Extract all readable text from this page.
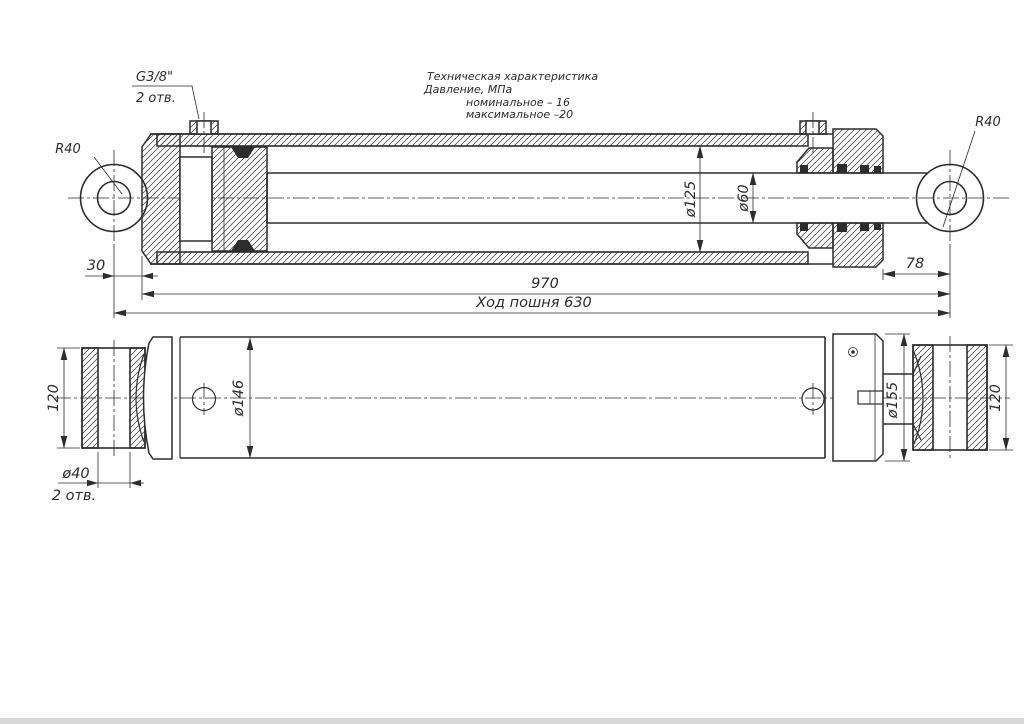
ø125	ø60
30	78
970
Ход пошня 630
R40
R40
G3/8"
2 отв.
Техническая характеристика
Давление, МПа
номинальное – 16
максимальное –20
120
ø40
2 отв.
ø146	ø155	120
